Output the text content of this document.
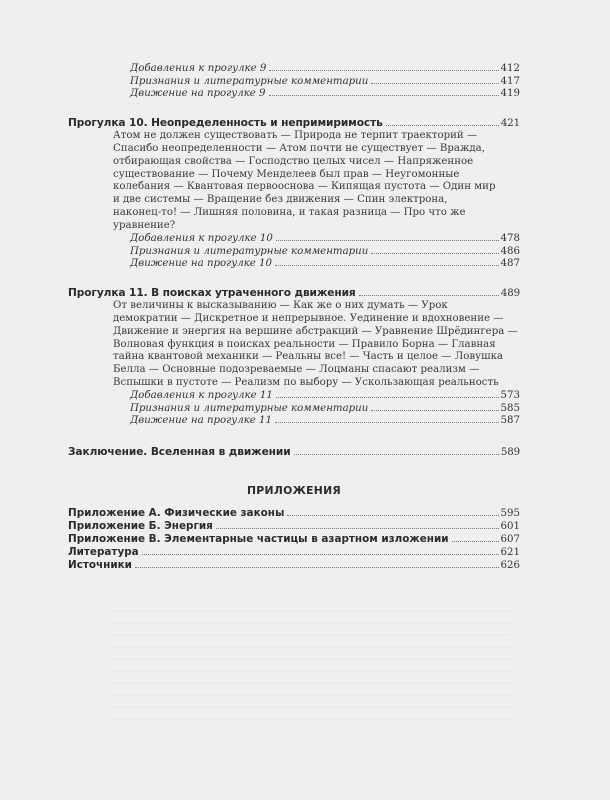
Добавления к прогулке 9	412
Признания и литературные комментарии	417
Движение на прогулке 9	419
Прогулка 10. Неопределенность и непримиримость	421
Атом не должен существовать — Природа не терпит траекторий —
Спасибо неопределенности — Атом почти не существует — Вражда,
отбирающая свойства — Господство целых чисел — Напряженное
существование — Почему Менделеев был прав — Неугомонные
колебания — Квантовая первооснова — Кипящая пустота — Один мир
и две системы — Вращение без движения — Спин электрона,
наконец-то! — Лишняя половина, и такая разница — Про что же
уравнение?
Добавления к прогулке 10	478
Признания и литературные комментарии	486
Движение на прогулке 10	487
Прогулка 11. В поисках утраченного движения	489
От величины к высказыванию — Как же о них думать — Урок
демократии — Дискретное и непрерывное. Уединение и вдохновение —
Движение и энергия на вершине абстракций — Уравнение Шрёдингера —
Волновая функция в поисках реальности — Правило Борна — Главная
тайна квантовой механики — Реальны все! — Часть и целое — Ловушка
Белла — Основные подозреваемые — Лоцманы спасают реализм —
Вспышки в пустоте — Реализм по выбору — Ускользающая реальность
Добавления к прогулке 11	573
Признания и литературные комментарии	585
Движение на прогулке 11	587
Заключение. Вселенная в движении	589
ПРИЛОЖЕНИЯ
Приложение А. Физические законы	595
Приложение Б. Энергия	601
Приложение В. Элементарные частицы в азартном изложении	607
Литература	621
Источники	626
